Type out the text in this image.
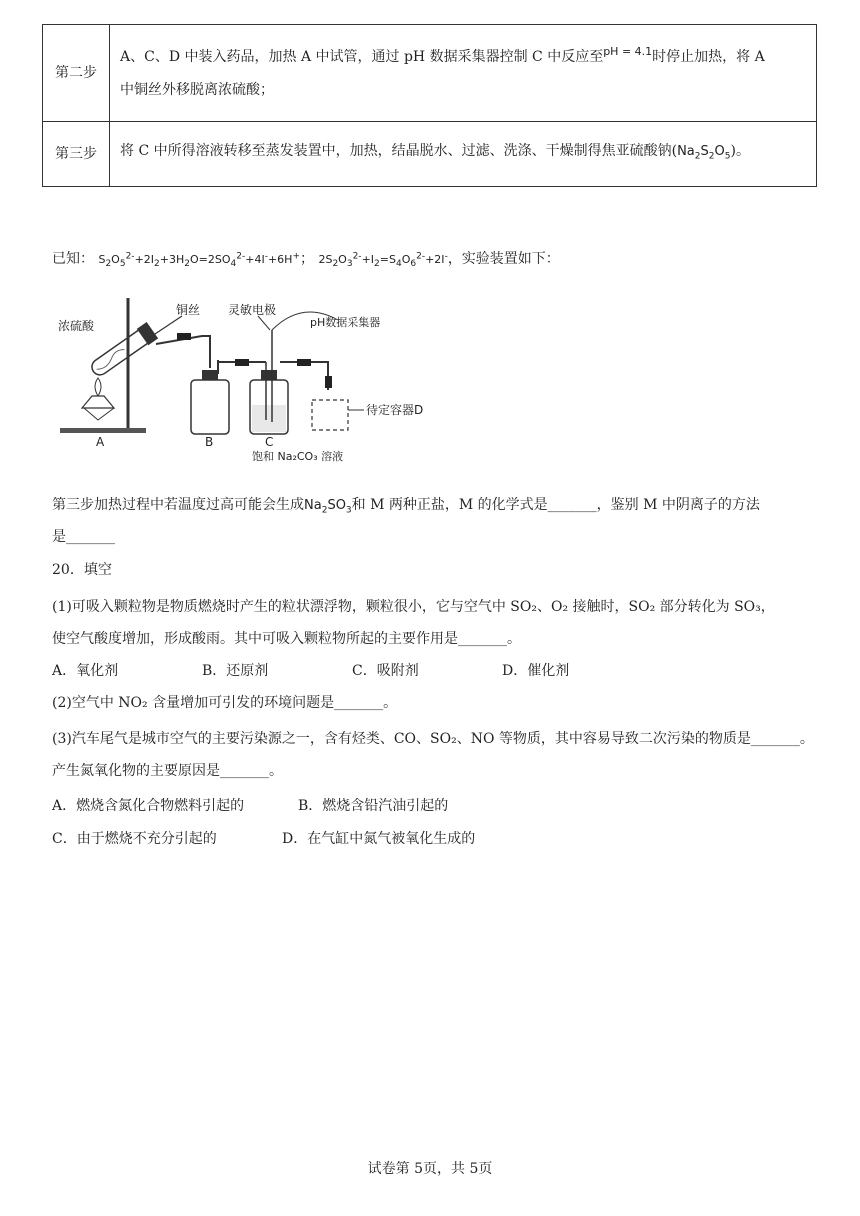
第二步	A、C、D 中装入药品，加热 A 中试管，通过 pH 数据采集器控制 C 中反应至$^{pH = 4.1}$时停止加热，将 A
中铜丝外移脱离浓硫酸；
第三步	将 C 中所得溶液转移至蒸发装置中，加热，结晶脱水、过滤、洗涤、干燥制得焦亚硫酸钠$(Na_2S_2O_5)$。
已知： $S_2O_5^{2-}+2I_2+3H_2O=2SO_4^{2-}+4I^-+6H^+$； $2S_2O_3^{2-}+I_2=S_4O_6^{2-}+2I^-$，实验装置如下：
浓硫酸
铜丝 灵敏电极
pH数据采集器
待定容器D
A	B	C
饱和 Na₂CO₃ 溶液
第三步加热过程中若温度过高可能会生成$Na_2SO_3$和 M 两种正盐，M 的化学式是_______，鉴别 M 中阴离子的方法
是_______
20．填空
(1)可吸入颗粒物是物质燃烧时产生的粒状漂浮物，颗粒很小，它与空气中 SO₂、O₂ 接触时，SO₂ 部分转化为 SO₃，
使空气酸度增加，形成酸雨。其中可吸入颗粒物所起的主要作用是_______。
A．氧化剂	B．还原剂	C．吸附剂	D．催化剂
(2)空气中 NO₂ 含量增加可引发的环境问题是_______。
(3)汽车尾气是城市空气的主要污染源之一，含有烃类、CO、SO₂、NO 等物质，其中容易导致二次污染的物质是_______。
产生氮氧化物的主要原因是_______。
A．燃烧含氮化合物燃料引起的	B．燃烧含铅汽油引起的
C．由于燃烧不充分引起的	D．在气缸中氮气被氧化生成的
试卷第 5页，共 5页
